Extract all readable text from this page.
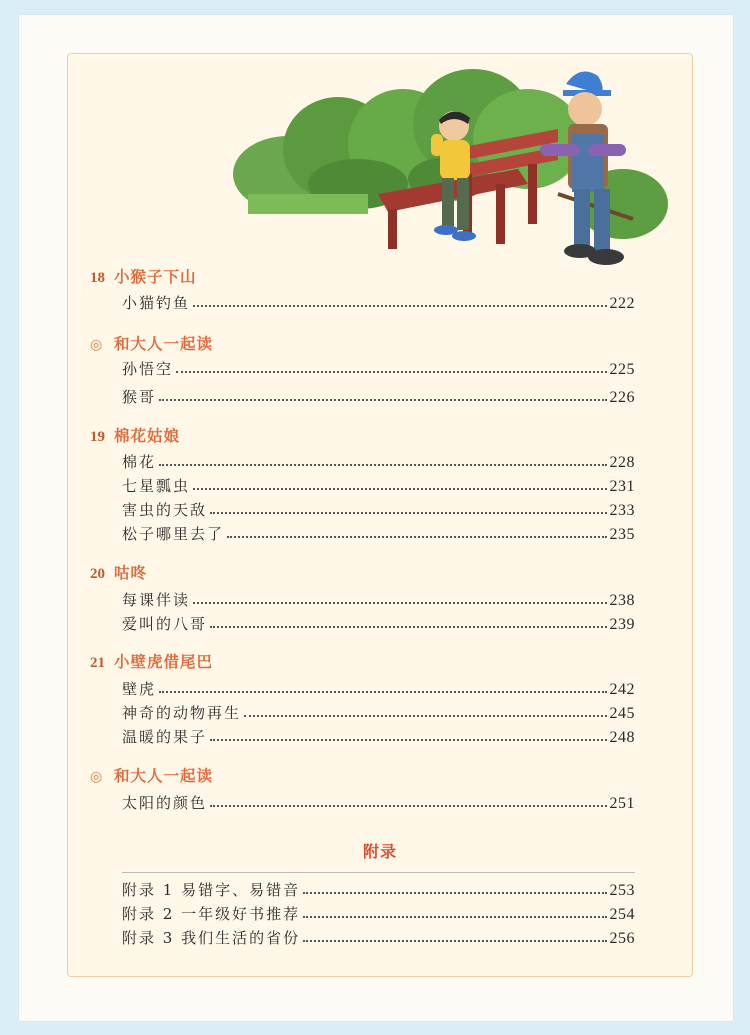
18 小猴子下山
小猫钓鱼	222
◎ 和大人一起读
孙悟空	225
猴哥	226
19 棉花姑娘
棉花	228
七星瓢虫	231
害虫的天敌	233
松子哪里去了	235
20 咕咚
每课伴读	238
爱叫的八哥	239
21 小壁虎借尾巴
壁虎	242
神奇的动物再生	245
温暖的果子	248
◎ 和大人一起读
太阳的颜色	251
附录
附录 1 易错字、易错音	253
附录 2 一年级好书推荐	254
附录 3 我们生活的省份	256
